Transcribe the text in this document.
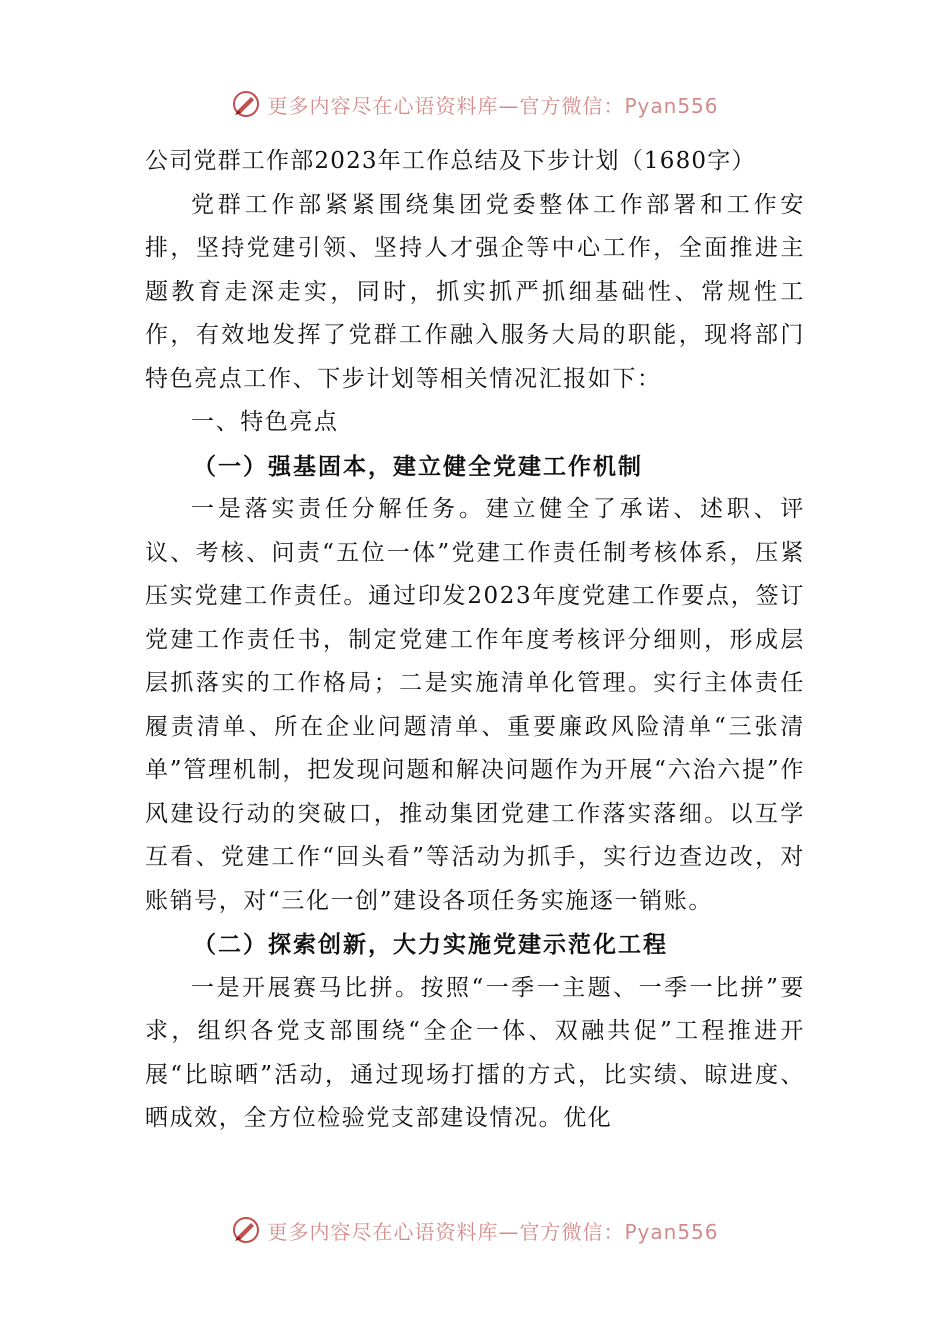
更多内容尽在心语资料库—官方微信：Pyan556

公司党群工作部2023年工作总结及下步计划（1680字）

党群工作部紧紧围绕集团党委整体工作部署和工作安排，坚持党建引领、坚持人才强企等中心工作，全面推进主题教育走深走实，同时，抓实抓严抓细基础性、常规性工作，有效地发挥了党群工作融入服务大局的职能，现将部门特色亮点工作、下步计划等相关情况汇报如下：

一、特色亮点

（一）强基固本，建立健全党建工作机制

一是落实责任分解任务。建立健全了承诺、述职、评议、考核、问责“五位一体”党建工作责任制考核体系，压紧压实党建工作责任。通过印发2023年度党建工作要点，签订党建工作责任书，制定党建工作年度考核评分细则，形成层层抓落实的工作格局；二是实施清单化管理。实行主体责任履责清单、所在企业问题清单、重要廉政风险清单“三张清单”管理机制，把发现问题和解决问题作为开展“六治六提”作风建设行动的突破口，推动集团党建工作落实落细。以互学互看、党建工作“回头看”等活动为抓手，实行边查边改，对账销号，对“三化一创”建设各项任务实施逐一销账。

（二）探索创新，大力实施党建示范化工程

一是开展赛马比拼。按照“一季一主题、一季一比拼”要求，组织各党支部围绕“全企一体、双融共促”工程推进开展“比晾晒”活动，通过现场打擂的方式，比实绩、晾进度、晒成效，全方位检验党支部建设情况。优化

更多内容尽在心语资料库—官方微信：Pyan556
